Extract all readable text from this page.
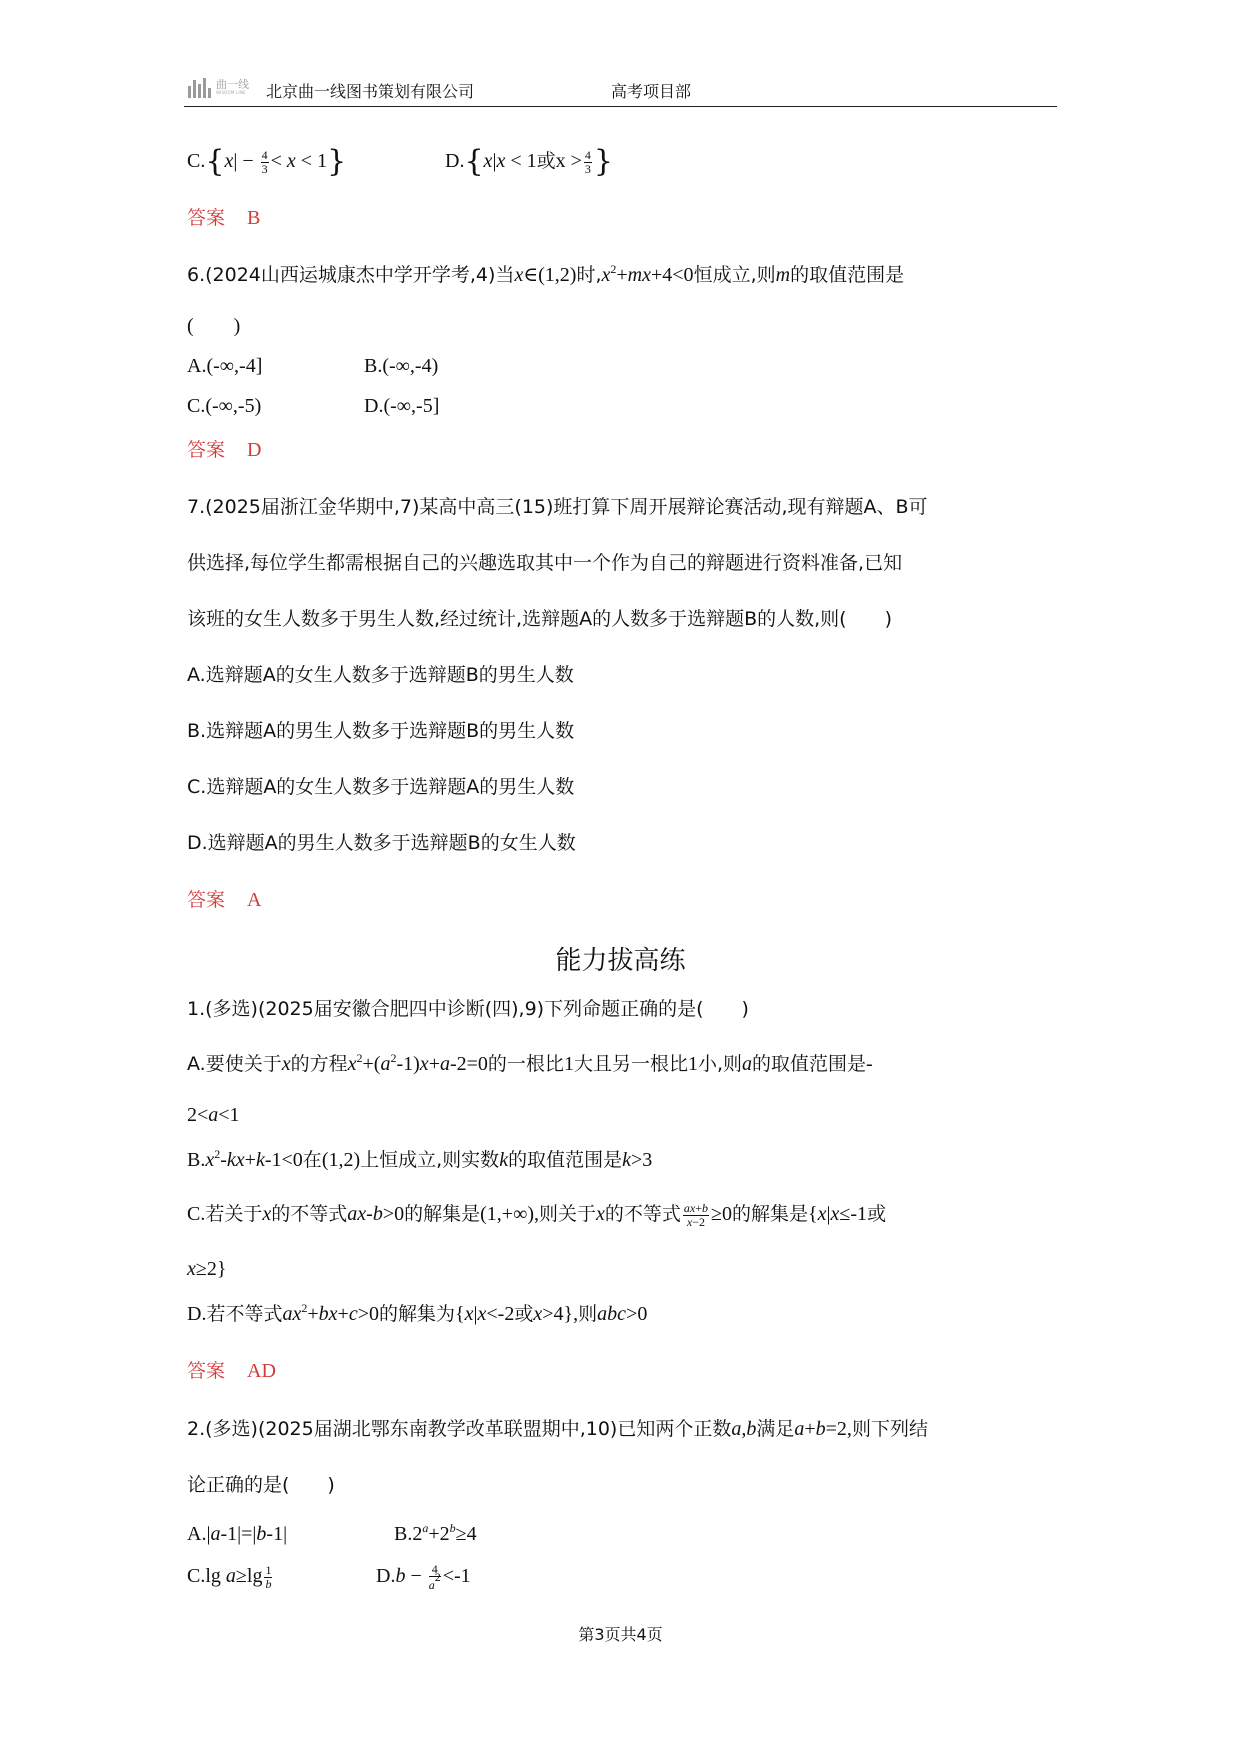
曲一线
WISDOM LINE 北京曲一线图书策划有限公司	高考项目部
$C.\{x| - \frac{4}{3} < x < 1\}$	D.{x|x < 1或$x > \frac{4}{3}$ }
答案 B
6.(2024山西运城康杰中学开学考,4)当x∈(1,2)时$,x^2+mx+4<0$恒成立,则m的取值范围是
(　　)
A.(-∞,-4]	B.(-∞,-4)
C.(-∞,-5)	D.(-∞,-5]
答案 D
7.(2025届浙江金华期中,7)某高中高三(15)班打算下周开展辩论赛活动,现有辩题A、B可
供选择,每位学生都需根据自己的兴趣选取其中一个作为自己的辩题进行资料准备,已知
该班的女生人数多于男生人数,经过统计,选辩题A的人数多于选辩题B的人数,则(　　)
A.选辩题A的女生人数多于选辩题B的男生人数
B.选辩题A的男生人数多于选辩题B的男生人数
C.选辩题A的女生人数多于选辩题A的男生人数
D.选辩题A的男生人数多于选辩题B的女生人数
答案 A
能力拔高练
1.(多选)(2025届安徽合肥四中诊断(四),9)下列命题正确的是(　　)
A.要使关于x的方程$x^2+(a^2-1)x+a-2=0$的一根比1大且另一根比1小,则a的取值范围是-
2<a<1
$B.x^2-kx+k-1<0$在(1,2)上恒成立,则实数k的取值范围是k>3
C.若关于x的不等式ax-b>0的解集是(1,+∞),则关于x的不等式 $\frac{ax+b}{x-2} \ge 0$的解集是{x|x≤-1或
x≥2}
D.若不等式$ax^2+bx+c>0$的解集为{x|x<-2或x>4},则abc>0
答案 AD
2.(多选)(2025届湖北鄂东南教学改革联盟期中,10)已知两个正数a,b满足a+b=2,则下列结
论正确的是(　　)
A.|a-1|=|b-1|	$B.2^a+2^b\ge 4$
C.lg $a\ge\lg \frac{1}{b}$	$D.b - \frac{4}{a^2} <-1$
第3页共4页
